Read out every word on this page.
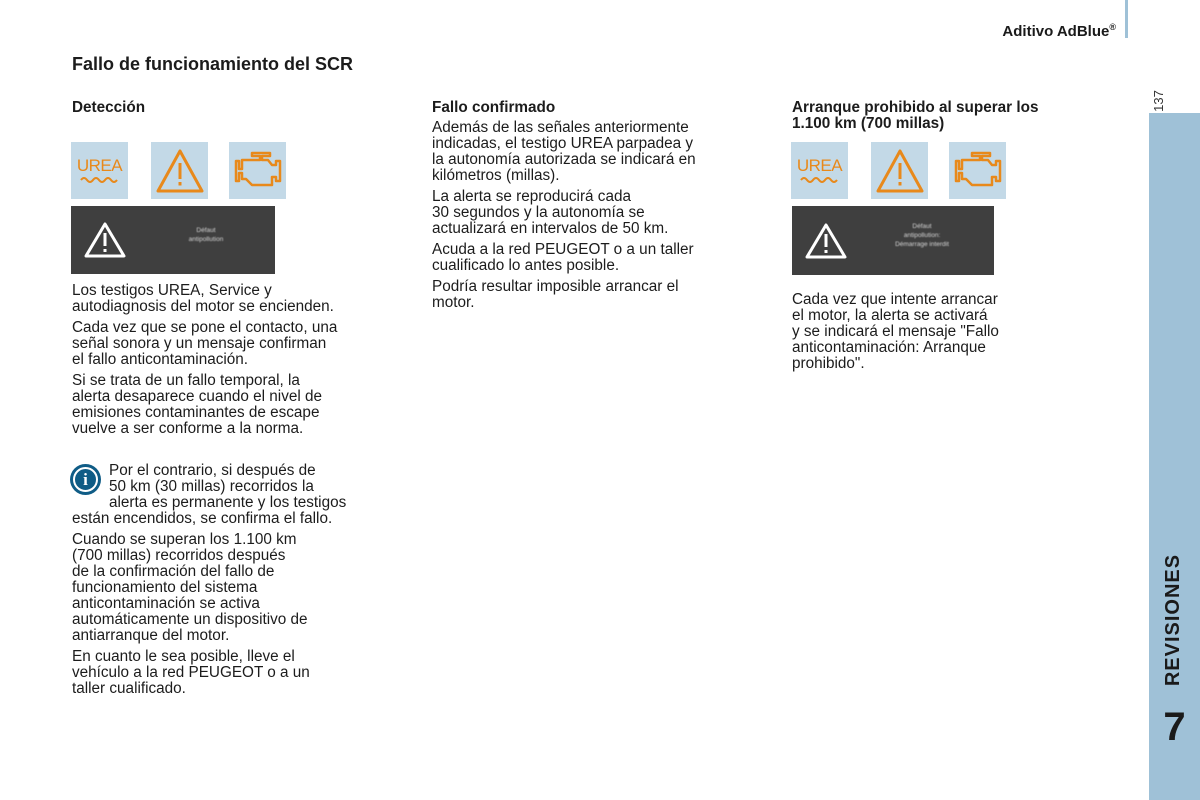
Aditivo AdBlue®
137
REVISIONES
7
Fallo de funcionamiento del SCR
Detección
UREA
Défaut
antipollution

Los testigos UREA, Service y
autodiagnosis del motor se encienden.

Cada vez que se pone el contacto, una
señal sonora y un mensaje confirman
el fallo anticontaminación.

Si se trata de un fallo temporal, la
alerta desaparece cuando el nivel de
emisiones contaminantes de escape
vuelve a ser conforme a la norma.

i	Por el contrario, si después de
50 km (30 millas) recorridos la
alerta es permanente y los testigos
están encendidos, se confirma el fallo.

Cuando se superan los 1.100 km
(700 millas) recorridos después
de la confirmación del fallo de
funcionamiento del sistema
anticontaminación se activa
automáticamente un dispositivo de
antiarranque del motor.

En cuanto le sea posible, lleve el
vehículo a la red PEUGEOT o a un
taller cualificado.

Fallo confirmado

Además de las señales anteriormente
indicadas, el testigo UREA parpadea y
la autonomía autorizada se indicará en
kilómetros (millas).

La alerta se reproducirá cada
30 segundos y la autonomía se
actualizará en intervalos de 50 km.

Acuda a la red PEUGEOT o a un taller
cualificado lo antes posible.

Podría resultar imposible arrancar el
motor.

Arranque prohibido al superar los
1.100 km (700 millas)
UREA
Défaut
antipollution:
Démarrage interdit

Cada vez que intente arrancar
el motor, la alerta se activará
y se indicará el mensaje "Fallo
anticontaminación: Arranque
prohibido".
